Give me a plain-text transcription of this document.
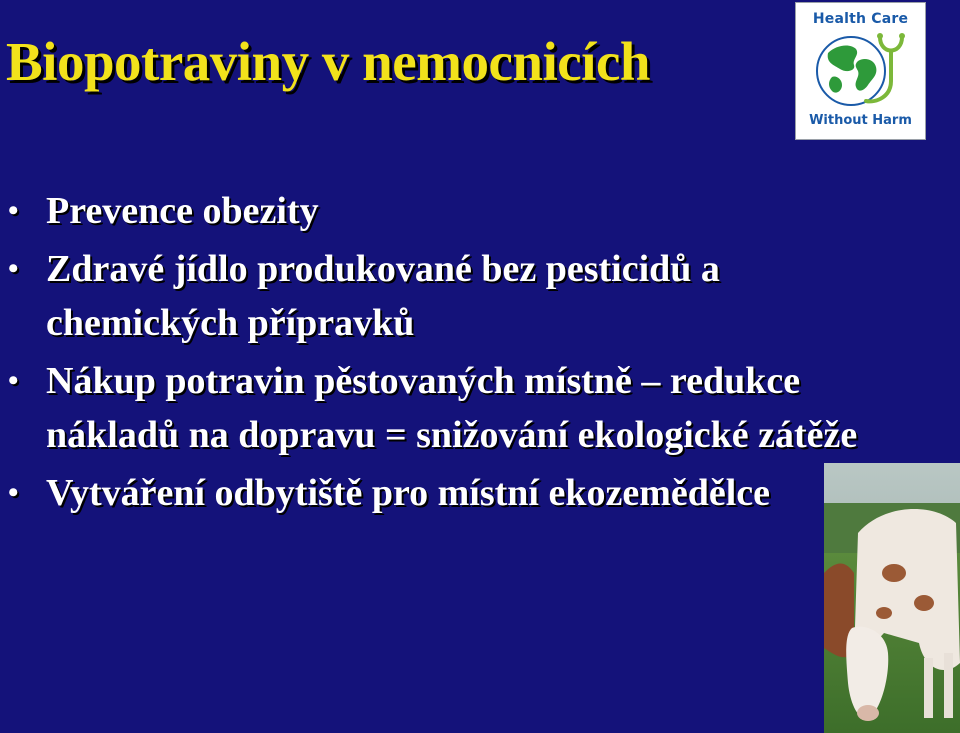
Biopotraviny v nemocnicích
• Prevence obezity
• Zdravé jídlo produkované bez pesticidů a chemických přípravků
• Nákup potravin pěstovaných místně – redukce nákladů na dopravu = snižování ekologické zátěže
• Vytváření odbytiště pro místní ekozemědělce
Health Care
Without Harm
